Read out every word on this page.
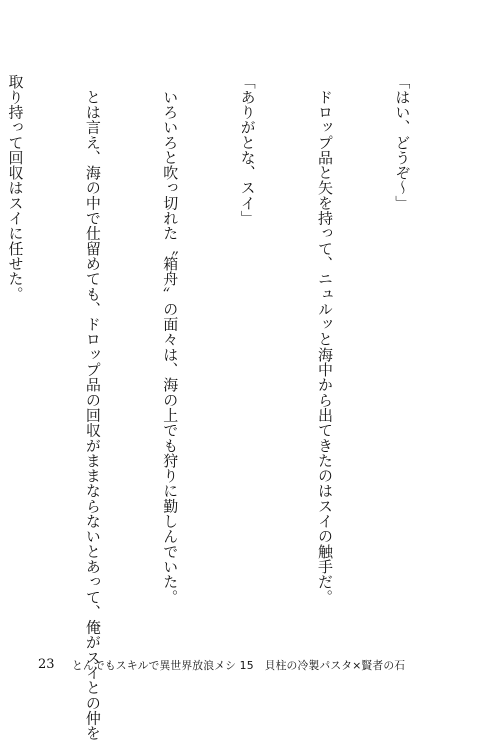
「はい、どうぞ～」

　ドロップ品と矢を持って、ニュルッと海中から出てきたのはスイの触手だ。

「ありがとな、スイ」

　いろいろと吹っ切れた〝箱舟〟の面々は、海の上でも狩りに勤しんでいた。

　とは言え、海の中で仕留めても、ドロップ品の回収がままならないとあって、俺がスイとの仲を

取り持って回収はスイに任せた。

23 とんでもスキルで異世界放浪メシ 15　貝柱の冷製パスタ×賢者の石
